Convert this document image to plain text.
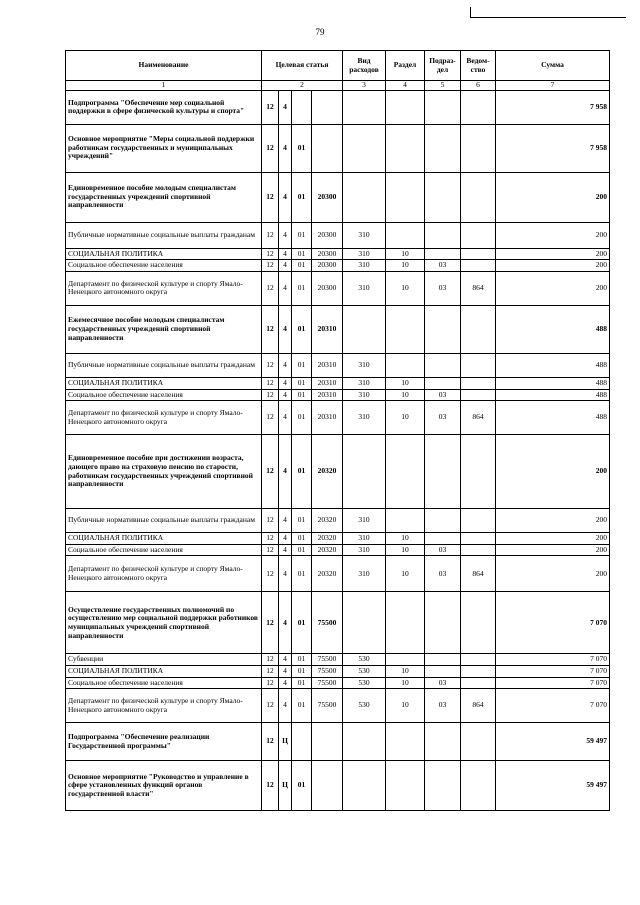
79
Наименование	Целевая статья				Вид расходов	Раздел	Подраз-дел	Ведом-ство	Сумма
1	2				3	4	5	6	7
Подпрограмма "Обеспечение мер социальной поддержки в сфере физической культуры и спорта"	12	4							7 958
Основное мероприятие "Меры социальной поддержки работникам государственных и муниципальных учреждений"	12	4	01						7 958
Единовременное пособие молодым специалистам государственных учреждений спортивной направленности	12	4	01	20300					200
Публичные нормативные социальные выплаты гражданам	12	4	01	20300	310				200
СОЦИАЛЬНАЯ ПОЛИТИКА	12	4	01	20300	310	10			200
Социальное обеспечение населения	12	4	01	20300	310	10	03		200
Департамент по физической культуре и спорту Ямало-Ненецкого автономного округа	12	4	01	20300	310	10	03	864	200
Ежемесячное пособие молодым специалистам государственных учреждений спортивной направленности	12	4	01	20310					488
Публичные нормативные социальные выплаты гражданам	12	4	01	20310	310				488
СОЦИАЛЬНАЯ ПОЛИТИКА	12	4	01	20310	310	10			488
Социальное обеспечение населения	12	4	01	20310	310	10	03		488
Департамент по физической культуре и спорту Ямало-Ненецкого автономного округа	12	4	01	20310	310	10	03	864	488
Единовременное пособие при достижении возраста, дающего право на страховую пенсию по старости, работникам государственных учреждений спортивной направленности	12	4	01	20320					200
Публичные нормативные социальные выплаты гражданам	12	4	01	20320	310				200
СОЦИАЛЬНАЯ ПОЛИТИКА	12	4	01	20320	310	10			200
Социальное обеспечение населения	12	4	01	20320	310	10	03		200
Департамент по физической культуре и спорту Ямало-Ненецкого автономного округа	12	4	01	20320	310	10	03	864	200
Осуществление государственных полномочий по осуществлению мер социальной поддержки работников муниципальных учреждений спортивной направленности	12	4	01	75500					7 070
Субвенции	12	4	01	75500	530				7 070
СОЦИАЛЬНАЯ ПОЛИТИКА	12	4	01	75500	530	10			7 070
Социальное обеспечение населения	12	4	01	75500	530	10	03		7 070
Департамент по физической культуре и спорту Ямало-Ненецкого автономного округа	12	4	01	75500	530	10	03	864	7 070
Подпрограмма "Обеспечение реализации Государственной программы"	12	Ц							59 497
Основное мероприятие "Руководство и управление в сфере установленных функций органов государственной власти"	12	Ц	01						59 497
